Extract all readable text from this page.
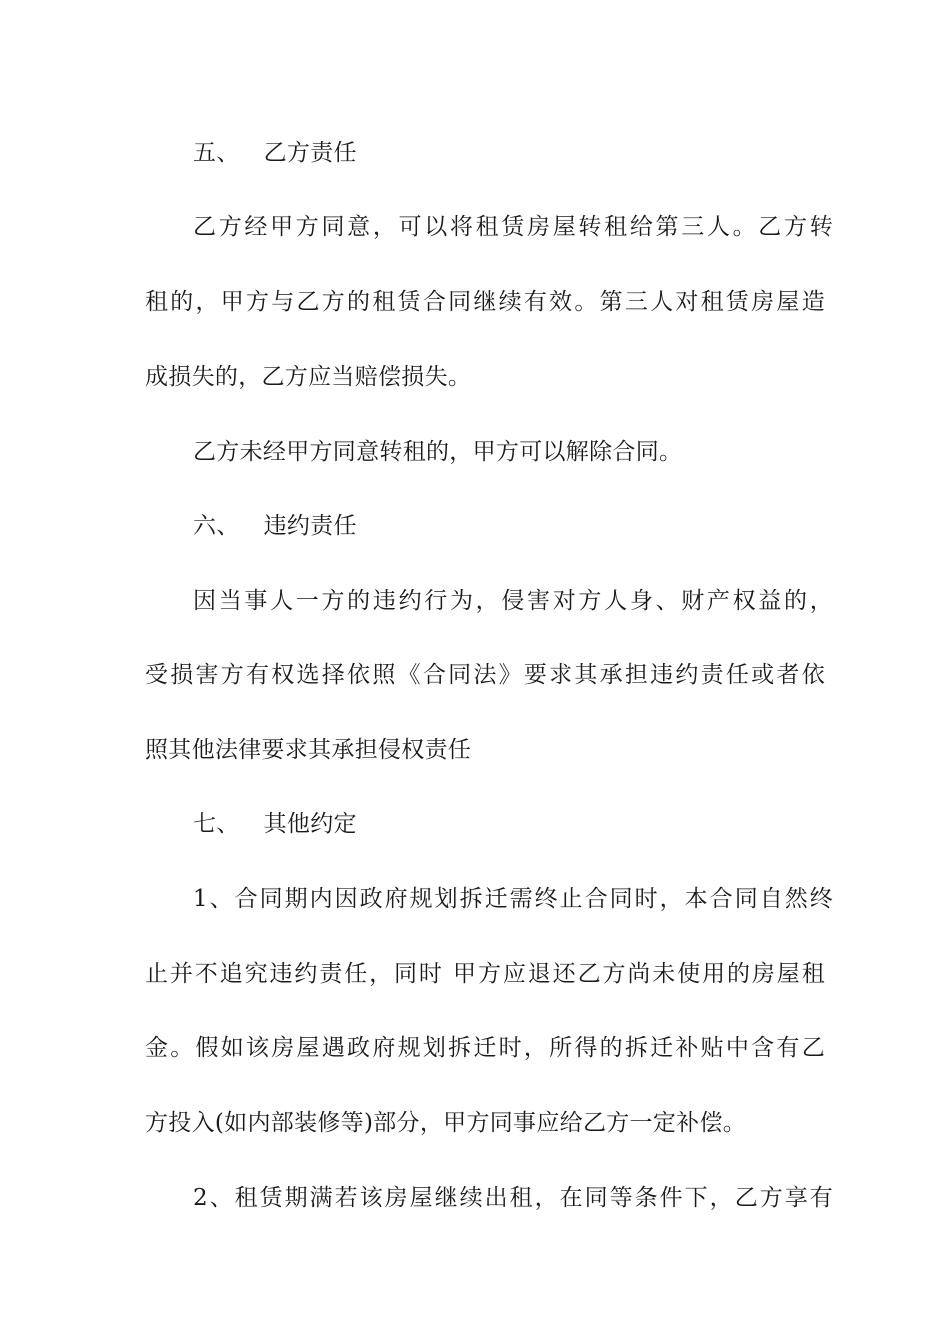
五、 乙方责任
乙方经甲方同意，可以将租赁房屋转租给第三人。乙方转
租的，甲方与乙方的租赁合同继续有效。第三人对租赁房屋造
成损失的，乙方应当赔偿损失。
乙方未经甲方同意转租的，甲方可以解除合同。
六、 违约责任
因当事人一方的违约行为，侵害对方人身、财产权益的，
受损害方有权选择依照《合同法》要求其承担违约责任或者依
照其他法律要求其承担侵权责任
七、 其他约定
1、合同期内因政府规划拆迁需终止合同时，本合同自然终
止并不追究违约责任，同时 甲方应退还乙方尚未使用的房屋租
金。假如该房屋遇政府规划拆迁时，所得的拆迁补贴中含有乙
方投入(如内部装修等)部分，甲方同事应给乙方一定补偿。
2、租赁期满若该房屋继续出租，在同等条件下，乙方享有
